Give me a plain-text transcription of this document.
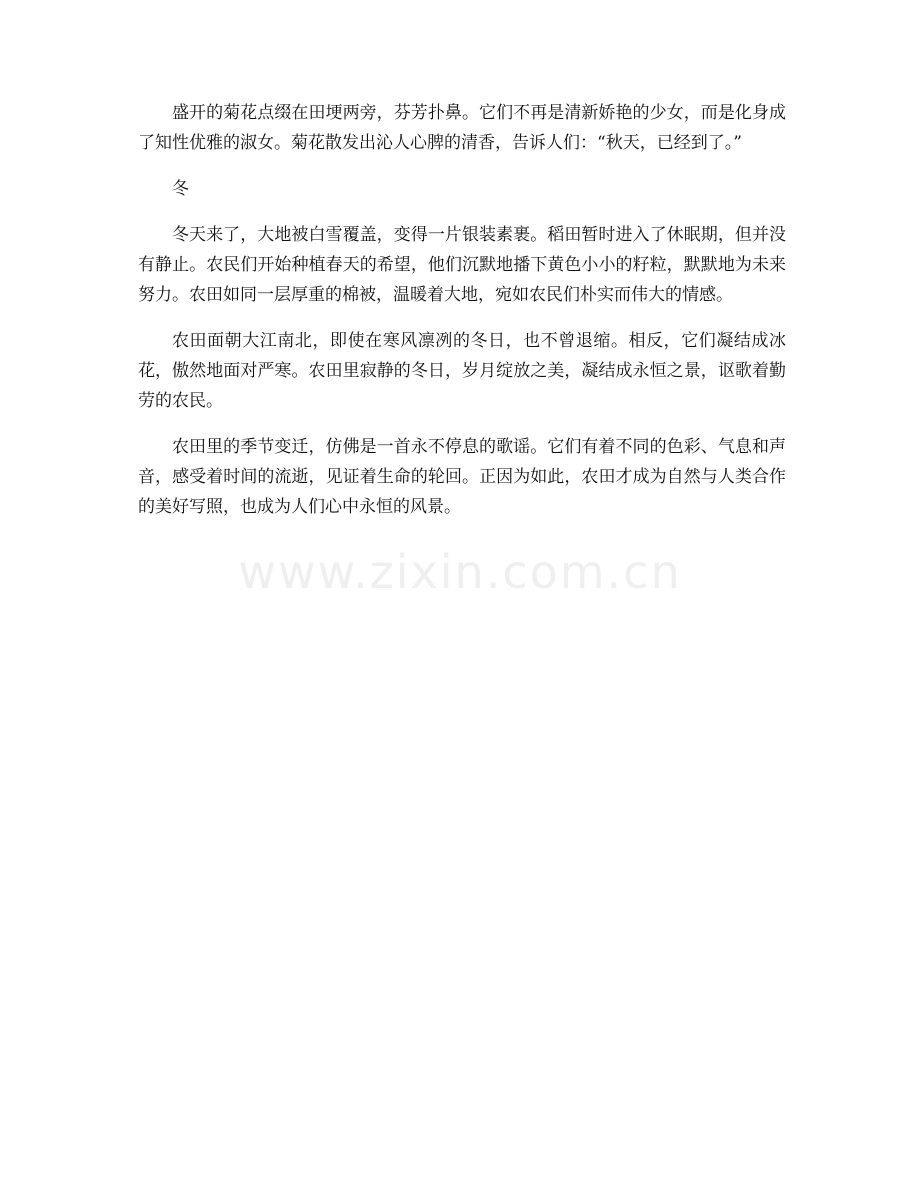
盛开的菊花点缀在田埂两旁，芬芳扑鼻。它们不再是清新娇艳的少女，而是化身成了知性优雅的淑女。菊花散发出沁人心脾的清香，告诉人们：“秋天，已经到了。”

冬

冬天来了，大地被白雪覆盖，变得一片银装素裹。稻田暂时进入了休眠期，但并没有静止。农民们开始种植春天的希望，他们沉默地播下黄色小小的籽粒，默默地为未来努力。农田如同一层厚重的棉被，温暖着大地，宛如农民们朴实而伟大的情感。

农田面朝大江南北，即使在寒风凛冽的冬日，也不曾退缩。相反，它们凝结成冰花，傲然地面对严寒。农田里寂静的冬日，岁月绽放之美，凝结成永恒之景，讴歌着勤劳的农民。

农田里的季节变迁，仿佛是一首永不停息的歌谣。它们有着不同的色彩、气息和声音，感受着时间的流逝，见证着生命的轮回。正因为如此，农田才成为自然与人类合作的美好写照，也成为人们心中永恒的风景。

www.zixin.com.cn
